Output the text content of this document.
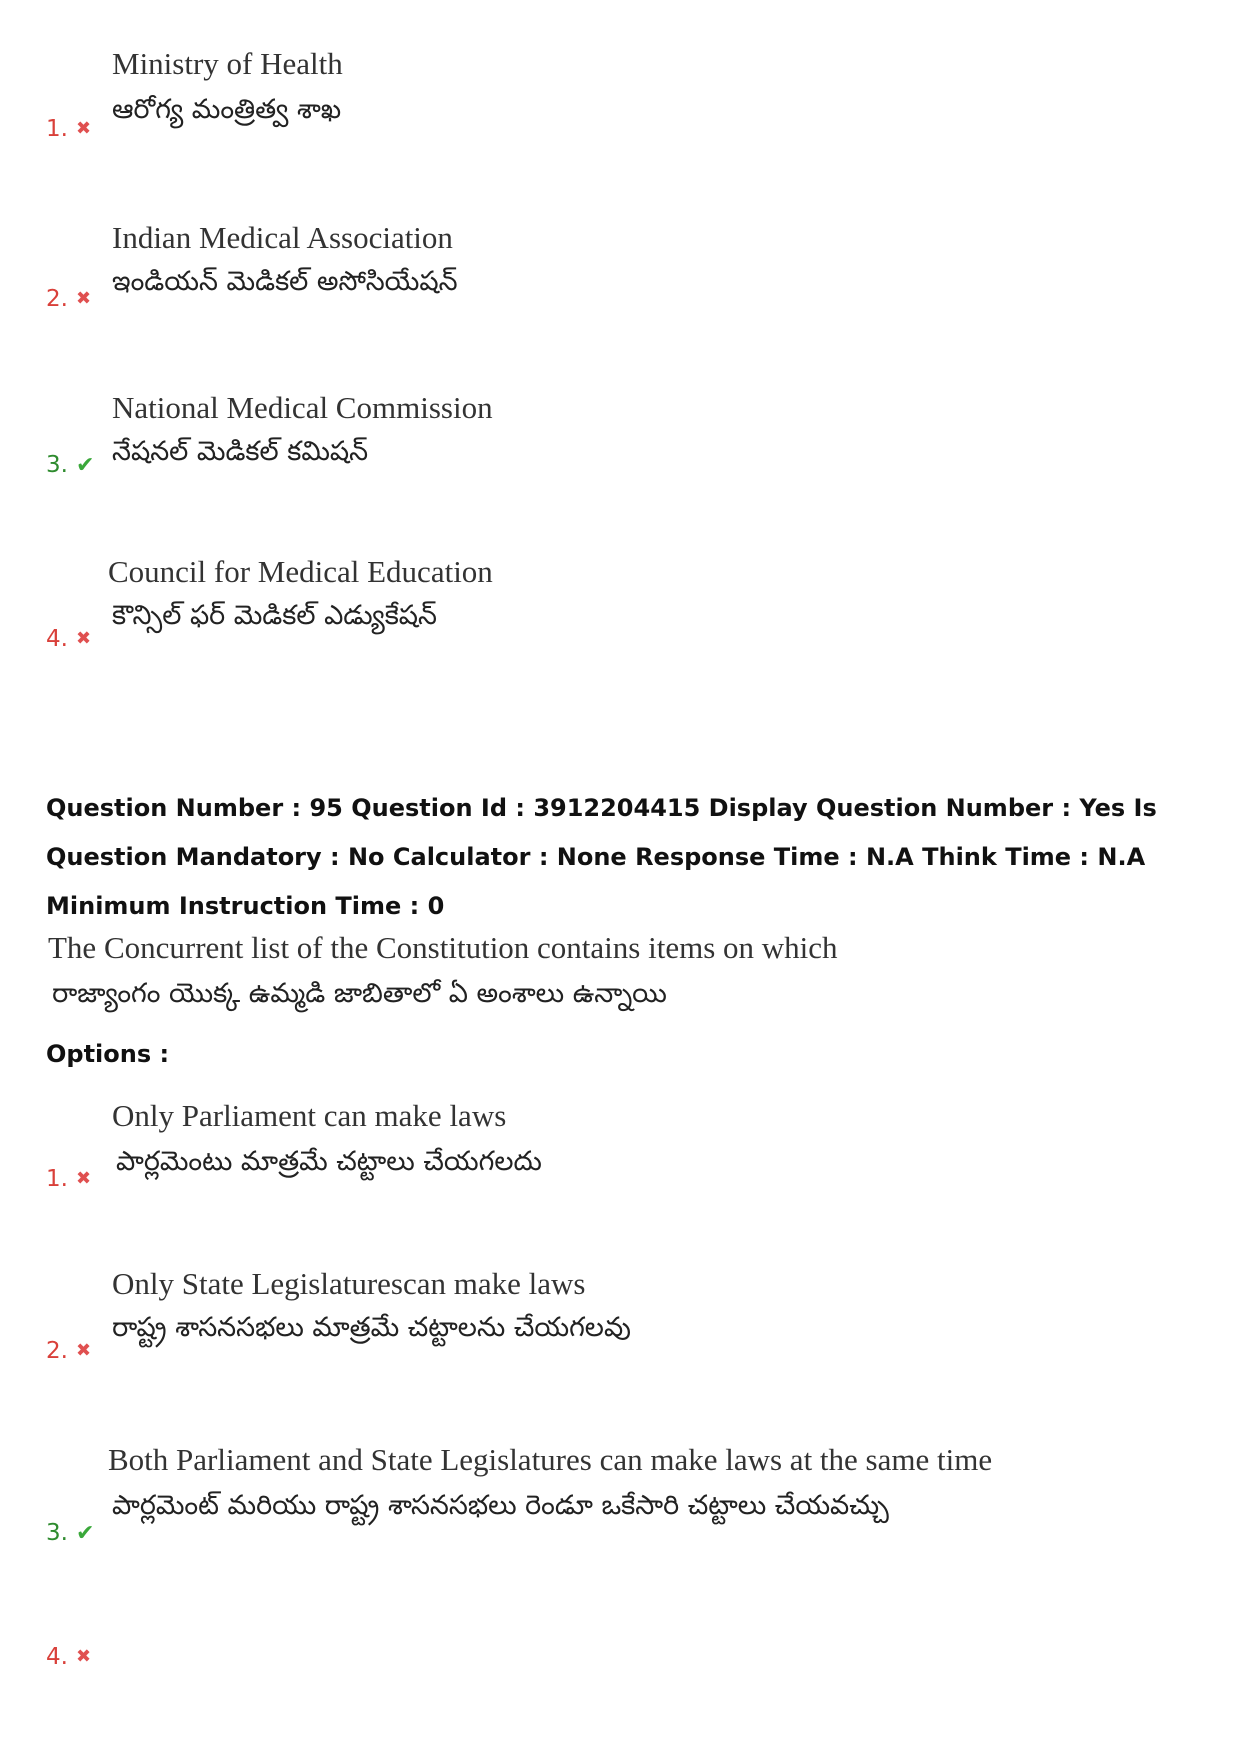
Ministry of Health
ఆరోగ్య మంత్రిత్వ శాఖ
1. ✖
Indian Medical Association
ఇండియన్ మెడికల్ అసోసియేషన్
2. ✖
National Medical Commission
నేషనల్ మెడికల్ కమిషన్
3. ✔
Council for Medical Education
కౌన్సిల్ ఫర్ మెడికల్ ఎడ్యుకేషన్
4. ✖
Question Number : 95 Question Id : 3912204415 Display Question Number : Yes Is Question Mandatory : No Calculator : None Response Time : N.A Think Time : N.A Minimum Instruction Time : 0
The Concurrent list of the Constitution contains items on which
రాజ్యాంగం యొక్క ఉమ్మడి జాబితాలో ఏ అంశాలు ఉన్నాయి
Options :
Only Parliament can make laws
పార్లమెంటు మాత్రమే చట్టాలు చేయగలదు
1. ✖
Only State Legislaturescan make laws
రాష్ట్ర శాసనసభలు మాత్రమే చట్టాలను చేయగలవు
2. ✖
Both Parliament and State Legislatures can make laws at the same time
పార్లమెంట్ మరియు రాష్ట్ర శాసనసభలు రెండూ ఒకేసారి చట్టాలు చేయవచ్చు
3. ✔
4. ✖
